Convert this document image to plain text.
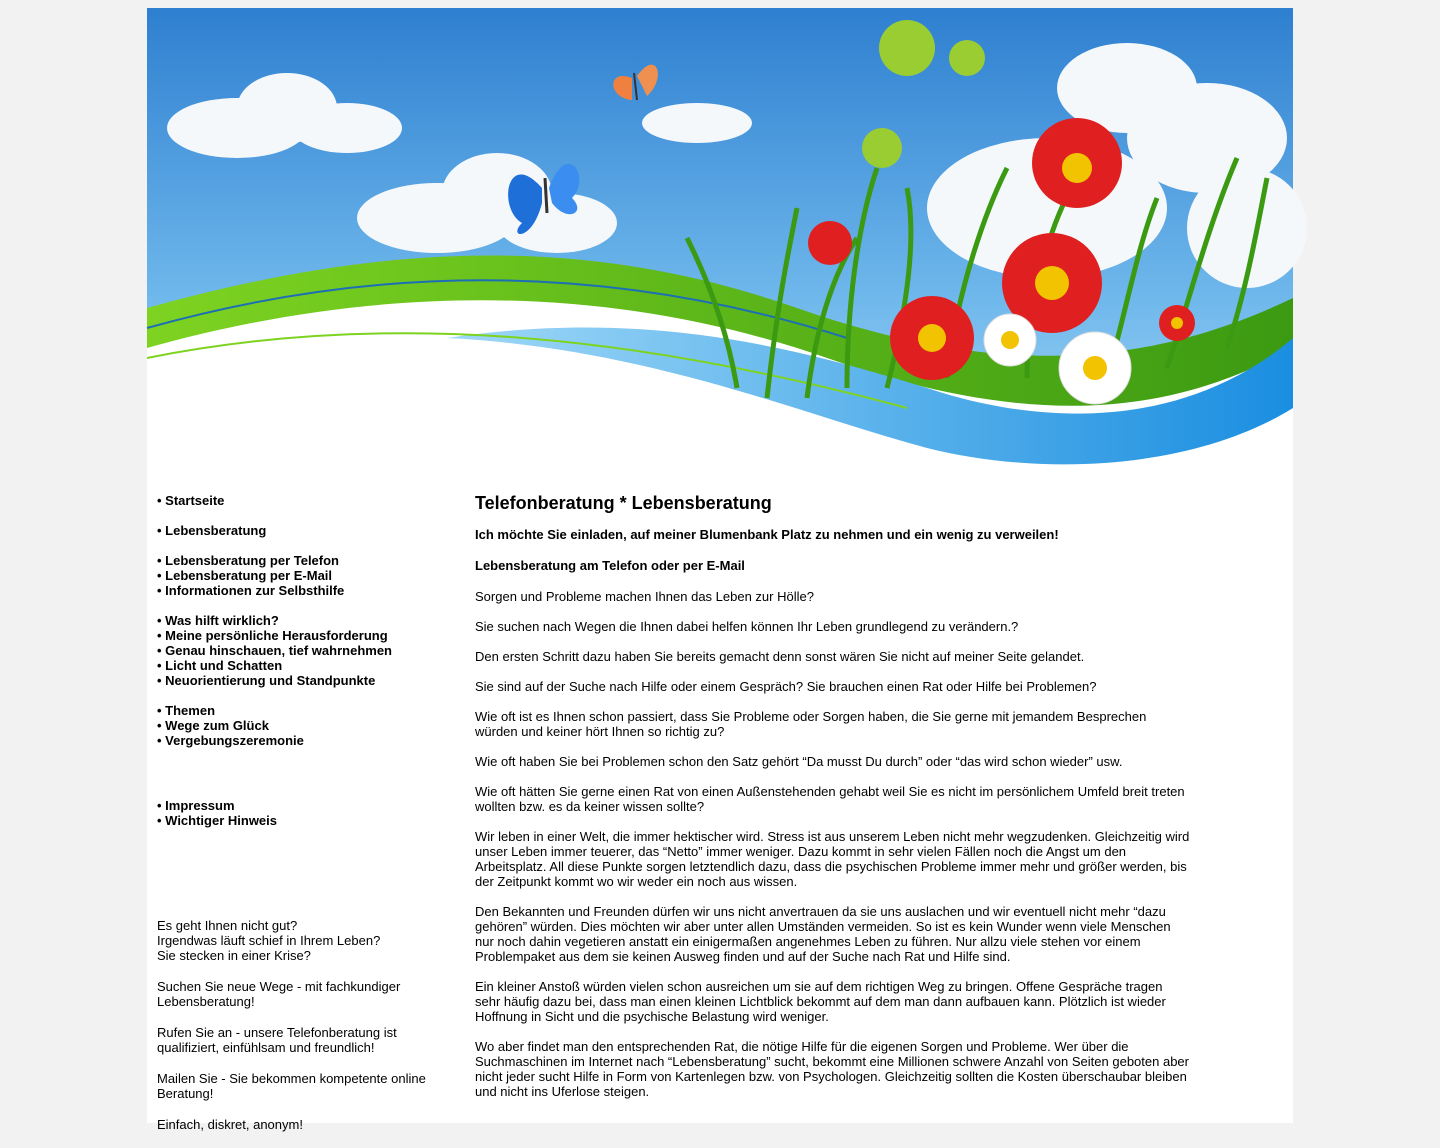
• Startseite
• Lebensberatung
• Lebensberatung per Telefon
• Lebensberatung per E-Mail
• Informationen zur Selbsthilfe
• Was hilft wirklich?
• Meine persönliche Herausforderung
• Genau hinschauen, tief wahrnehmen
• Licht und Schatten
• Neuorientierung und Standpunkte
• Themen
• Wege zum Glück
• Vergebungszeremonie
• Impressum
• Wichtiger Hinweis

Es geht Ihnen nicht gut?
Irgendwas läuft schief in Ihrem Leben?
Sie stecken in einer Krise?

Suchen Sie neue Wege - mit fachkundiger Lebensberatung!

Rufen Sie an - unsere Telefonberatung ist qualifiziert, einfühlsam und freundlich!

Mailen Sie - Sie bekommen kompetente online Beratung!

Einfach, diskret, anonym!

Telefonberatung * Lebensberatung

Ich möchte Sie einladen, auf meiner Blumenbank Platz zu nehmen und ein wenig zu verweilen!

Lebensberatung am Telefon oder per E-Mail

Sorgen und Probleme machen Ihnen das Leben zur Hölle?

Sie suchen nach Wegen die Ihnen dabei helfen können Ihr Leben grundlegend zu verändern.?

Den ersten Schritt dazu haben Sie bereits gemacht denn sonst wären Sie nicht auf meiner Seite gelandet.

Sie sind auf der Suche nach Hilfe oder einem Gespräch? Sie brauchen einen Rat oder Hilfe bei Problemen?

Wie oft ist es Ihnen schon passiert, dass Sie Probleme oder Sorgen haben, die Sie gerne mit jemandem Besprechen würden und keiner hört Ihnen so richtig zu?

Wie oft haben Sie bei Problemen schon den Satz gehört “Da musst Du durch” oder “das wird schon wieder” usw.

Wie oft hätten Sie gerne einen Rat von einen Außenstehenden gehabt weil Sie es nicht im persönlichem Umfeld breit treten wollten bzw. es da keiner wissen sollte?

Wir leben in einer Welt, die immer hektischer wird. Stress ist aus unserem Leben nicht mehr wegzudenken. Gleichzeitig wird unser Leben immer teuerer, das “Netto” immer weniger. Dazu kommt in sehr vielen Fällen noch die Angst um den Arbeitsplatz. All diese Punkte sorgen letztendlich dazu, dass die psychischen Probleme immer mehr und größer werden, bis der Zeitpunkt kommt wo wir weder ein noch aus wissen.

Den Bekannten und Freunden dürfen wir uns nicht anvertrauen da sie uns auslachen und wir eventuell nicht mehr “dazu gehören” würden. Dies möchten wir aber unter allen Umständen vermeiden. So ist es kein Wunder wenn viele Menschen nur noch dahin vegetieren anstatt ein einigermaßen angenehmes Leben zu führen. Nur allzu viele stehen vor einem Problempaket aus dem sie keinen Ausweg finden und auf der Suche nach Rat und Hilfe sind.

Ein kleiner Anstoß würden vielen schon ausreichen um sie auf dem richtigen Weg zu bringen. Offene Gespräche tragen sehr häufig dazu bei, dass man einen kleinen Lichtblick bekommt auf dem man dann aufbauen kann. Plötzlich ist wieder Hoffnung in Sicht und die psychische Belastung wird weniger.

Wo aber findet man den entsprechenden Rat, die nötige Hilfe für die eigenen Sorgen und Probleme. Wer über die Suchmaschinen im Internet nach “Lebensberatung” sucht, bekommt eine Millionen schwere Anzahl von Seiten geboten aber nicht jeder sucht Hilfe in Form von Kartenlegen bzw. von Psychologen. Gleichzeitig sollten die Kosten überschaubar bleiben und nicht ins Uferlose steigen.
